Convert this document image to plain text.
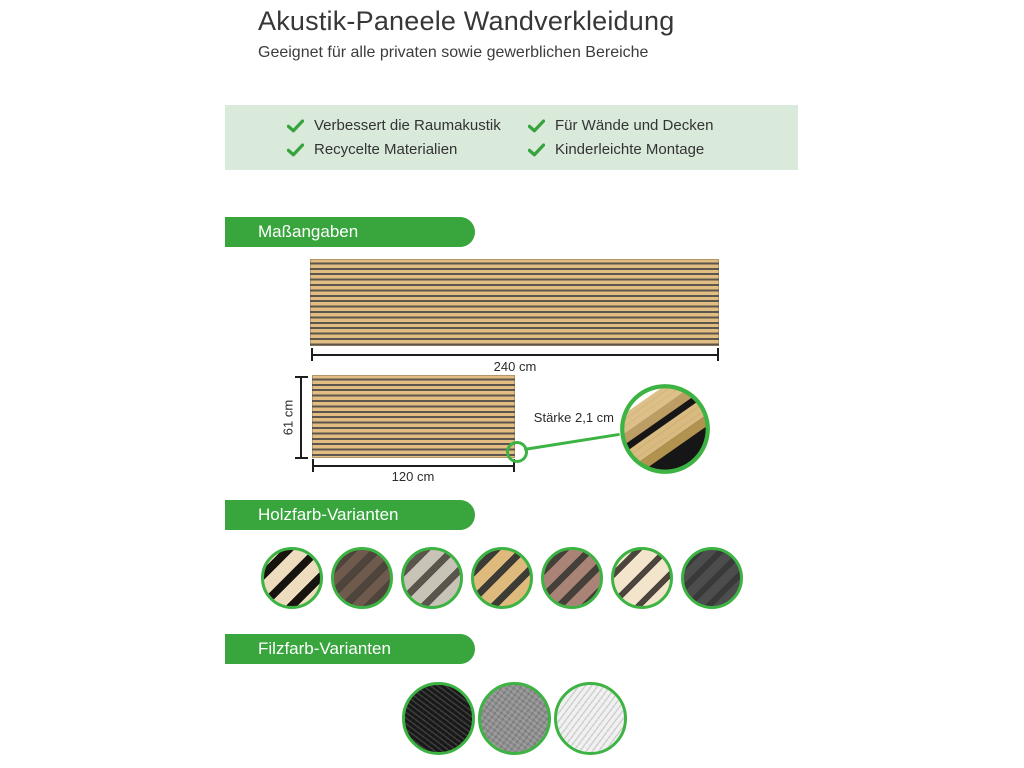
Akustik-Paneele Wandverkleidung

Geeignet für alle privaten sowie gewerblichen Bereiche

Verbessert die Raumakustik	Für Wände und Decken
Recycelte Materialien	Kinderleichte Montage
Maßangaben
240 cm
61 cm
120 cm
Stärke 2,1 cm
Holzfarb-Varianten
Filzfarb-Varianten
